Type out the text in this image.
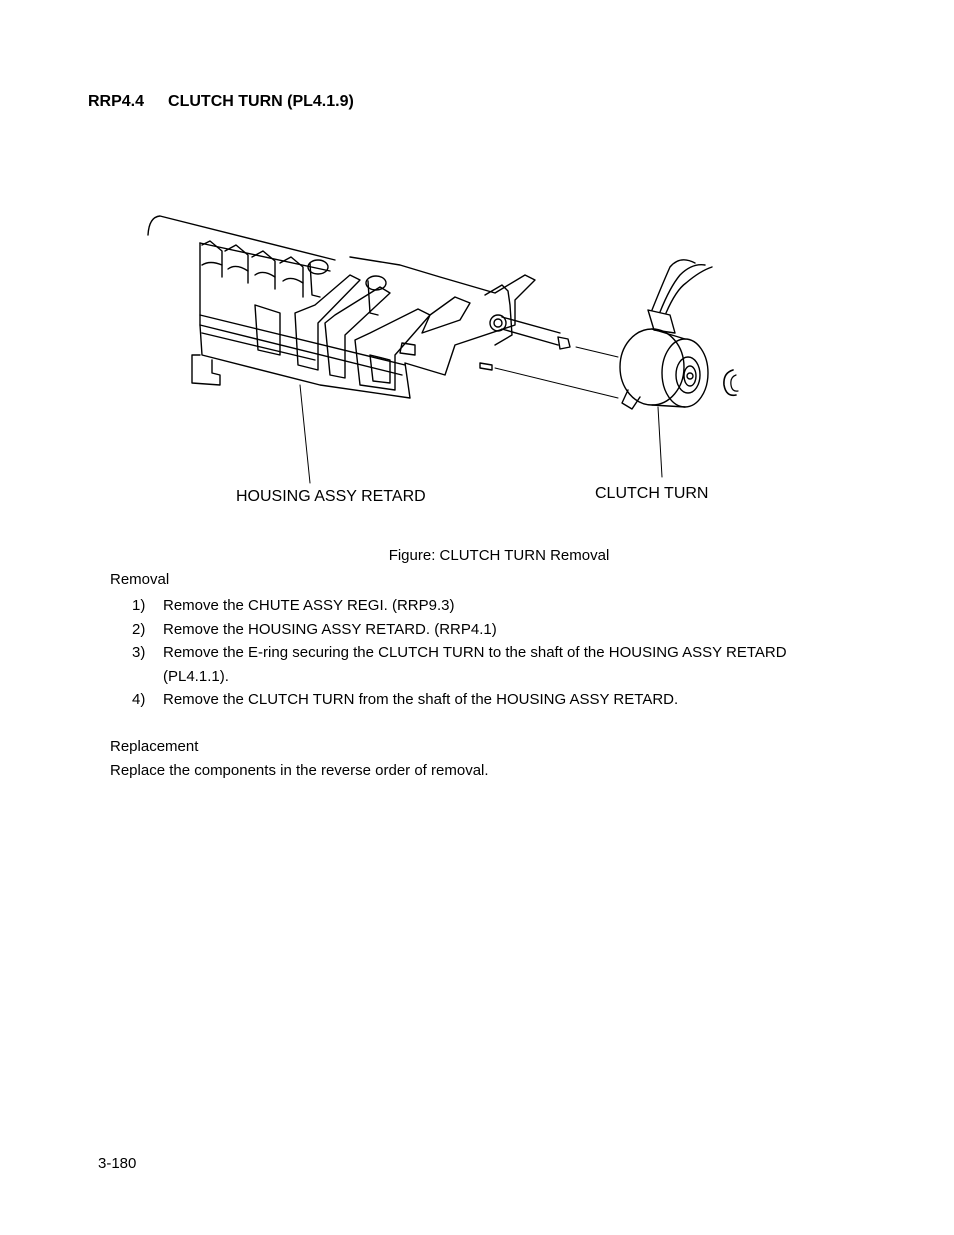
RRP4.4 CLUTCH TURN (PL4.1.9)
HOUSING ASSY RETARD	CLUTCH TURN
Figure: CLUTCH TURN Removal
Removal
1) Remove the CHUTE ASSY REGI. (RRP9.3)
2) Remove the HOUSING ASSY RETARD. (RRP4.1)
3) Remove the E-ring securing the CLUTCH TURN to the shaft of the HOUSING ASSY RETARD (PL4.1.1).
4) Remove the CLUTCH TURN from the shaft of the HOUSING ASSY RETARD.
Replacement
Replace the components in the reverse order of removal.
3-180
